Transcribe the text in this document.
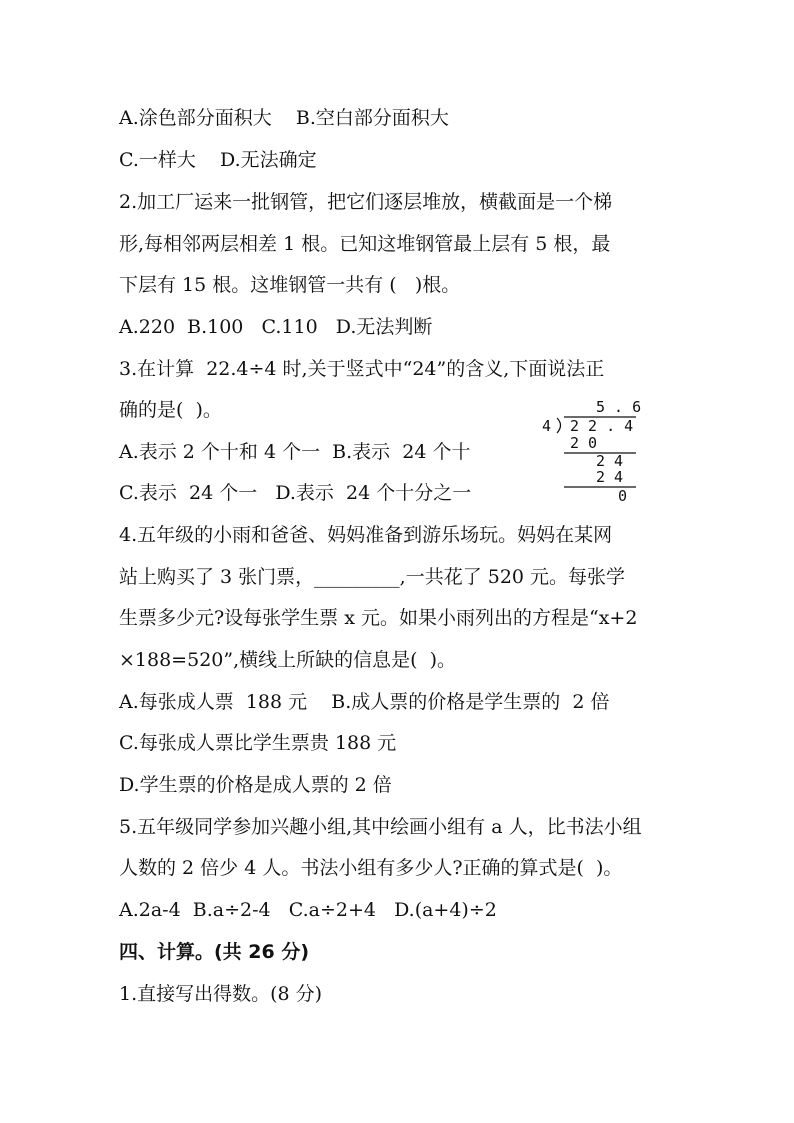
A.涂色部分面积大    B.空白部分面积大
C.一样大    D.无法确定
2.加工厂运来一批钢管，把它们逐层堆放，横截面是一个梯
形,每相邻两层相差 1 根。已知这堆钢管最上层有 5 根，最
下层有 15 根。这堆钢管一共有 (   )根。
A.220  B.100   C.110   D.无法判断
3.在计算  22.4÷4 时,关于竖式中“24”的含义,下面说法正
确的是(  )。
A.表示 2 个十和 4 个一  B.表示  24 个十
C.表示  24 个一   D.表示  24 个十分之一
5 . 6
4 2 2 . 4
2 0
2 4
2 4
0
4.五年级的小雨和爸爸、妈妈准备到游乐场玩。妈妈在某网
站上购买了 3 张门票，_________,一共花了 520 元。每张学
生票多少元?设每张学生票 x 元。如果小雨列出的方程是“x+2
×188=520”,横线上所缺的信息是(  )。
A.每张成人票  188 元    B.成人票的价格是学生票的  2 倍
C.每张成人票比学生票贵 188 元
D.学生票的价格是成人票的 2 倍
5.五年级同学参加兴趣小组,其中绘画小组有 a 人，比书法小组
人数的 2 倍少 4 人。书法小组有多少人?正确的算式是(  )。
A.2a-4  B.a÷2-4   C.a÷2+4   D.(a+4)÷2
四、计算。(共 26 分)
1.直接写出得数。(8 分)
